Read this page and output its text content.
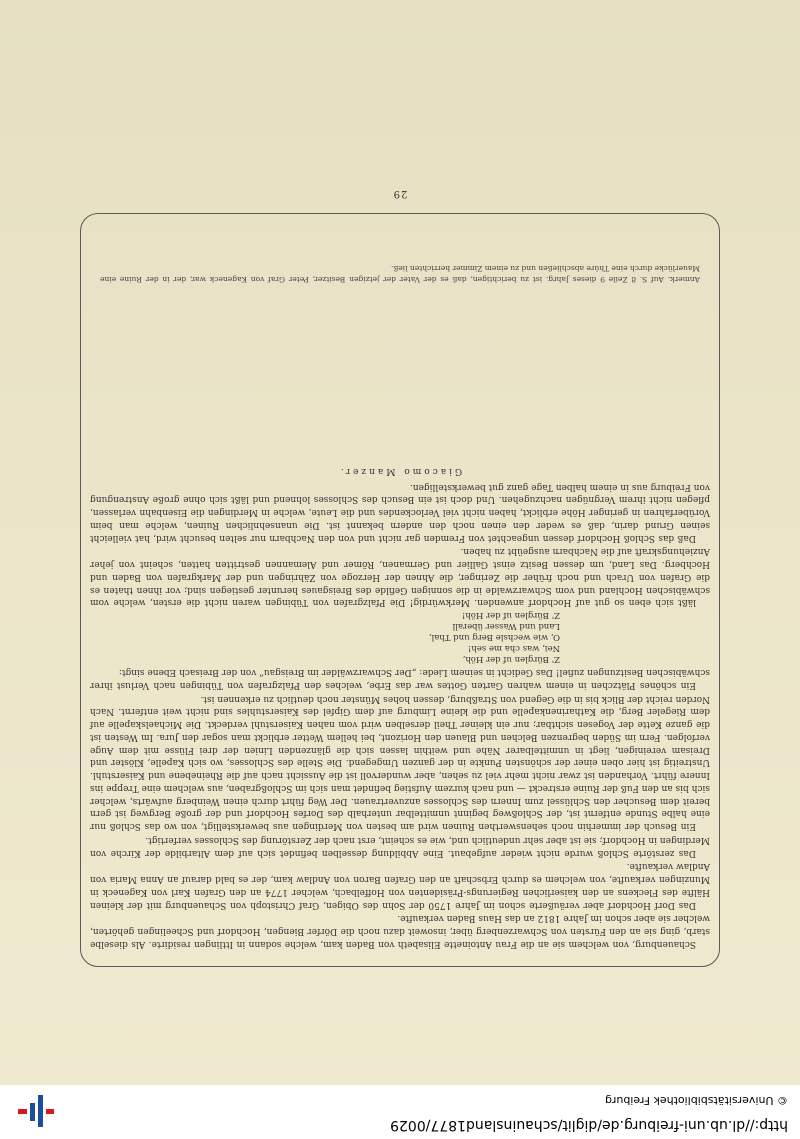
Schauenburg, von welchem sie an die Frau Antoinette Elisabeth von Baden kam, welche sodann in Ittlingen residirte. Als dieselbe starb, ging sie an den Fürsten von Schwarzenberg über, insoweit dazu noch die Dörfer Biengen, Hochdorf und Scheelingen gehörten, welcher sie aber schon im Jahre 1812 an das Haus Baden verkaufte.

Das Dorf Hochdorf aber veräußerte schon im Jahre 1750 der Sohn des Obigen, Graf Christoph von Schauenburg mit der kleinen Hälfte des Fleckens an den kaiserlichen Regierungs-Präsidenten von Hoffelbach, welcher 1774 an den Grafen Karl von Kageneck in Munzingen verkaufte, von welchem es durch Erbschaft an den Grafen Baron von Andlaw kam, der es bald darauf an Anna Maria von Andlaw verkaufte.

Das zerstörte Schloß wurde nicht wieder aufgebaut. Eine Abbildung desselben befindet sich auf dem Altarbilde der Kirche von Merdingen in Hochdorf; sie ist aber sehr undeutlich und, wie es scheint, erst nach der Zerstörung des Schlosses verfertigt.

Ein Besuch der immerhin noch sehenswerthen Ruinen wird am besten von Merdingen aus bewerkstelligt, von wo das Schloß nur eine halbe Stunde entfernt ist, der Schloßweg beginnt unmittelbar unterhalb des Dorfes Hochdorf und der große Bergweg ist gern bereit dem Besucher den Schlüssel zum Innern des Schlosses anzuvertrauen. Der Weg führt durch einen Weinberg aufwärts, welcher sich bis an den Fuß der Ruine erstreckt — und nach kurzem Aufstieg befindet man sich im Schloßgraben, aus welchem eine Treppe ins Innere führt. Vorhanden ist zwar nicht mehr viel zu sehen, aber wundervoll ist die Aussicht nach auf die Rheinebene und Kaiserstuhl. Unstreitig ist hier oben einer der schönsten Punkte in der ganzen Umgegend. Die Stelle des Schlosses, wo sich Kapelle, Klöster und Dreisam vereinigen, liegt in unmittelbarer Nähe und weithin lassen sich die glänzenden Linien der drei Flüsse mit dem Auge verfolgen. Fern im Süden begrenzen Belchen und Blauen den Horizont, bei hellem Wetter erblickt man sogar den Jura. Im Westen ist die ganze Kette der Vogesen sichtbar; nur ein kleiner Theil derselben wird vom nahen Kaiserstuhl verdeckt. Die Michaelskapelle auf dem Riegeler Berg, die Katharinenkapelle und die kleine Limburg auf dem Gipfel des Kaiserstuhles sind nicht weit entfernt. Nach Norden reicht der Blick bis in die Gegend von Straßburg, dessen hohes Münster noch deutlich zu erkennen ist.

Ein schönes Plätzchen in einem wahren Garten Gottes war das Erbe, welches den Pfalzgrafen von Tübingen nach Verlust ihrer schwäbischen Besitzungen zufiel! Das Gedicht in seinem Liede: „Der Schwarzwälder im Breisgau“ von der Breisach Ebene singt:

Z' Bürglen uf der Höh,
Nei, was cha me seh!
O, wie wechsle Berg und Thal,
Land und Wasser überall
Z' Bürglen uf der Höh!

läßt sich eben so gut auf Hochdorf anwenden. Merkwürdig! Die Pfalzgrafen von Tübingen waren nicht die ersten, welche vom schwäbischen Hochland und vom Schwarzwalde in die sonnigen Gefilde des Breisgaues herunter gestiegen sind; vor ihnen thaten es die Grafen von Urach und noch früher die Zeringer, die Ahnen der Herzoge von Zähringen und der Markgrafen von Baden und Hochberg. Das Land, um dessen Besitz einst Gallier und Germanen, Römer und Alemannen gestritten hatten, scheint von jeher Anziehungskraft auf die Nachbarn ausgeübt zu haben.

Daß das Schloß Hochdorf dessen ungeachtet von Fremden gar nicht und von den Nachbarn nur selten besucht wird, hat vielleicht seinen Grund darin, daß es weder den einen noch den andern bekannt ist. Die unansehnlichen Ruinen, welche man beim Vorüberfahren in geringer Höhe erblickt, haben nicht viel Verlockendes und die Leute, welche in Merdingen die Eisenbahn verlassen, pflegen nicht ihrem Vergnügen nachzugehen. Und doch ist ein Besuch des Schlosses lohnend und läßt sich ohne große Anstrengung von Freiburg aus in einem halben Tage ganz gut bewerkstelligen.

Giacomo Manzer.

Anmerk. Auf S. 8 Zeile 9 dieses Jahrg. ist zu berichtigen, daß es der Vater der jetzigen Besitzer, Peter Graf von Kageneck war, der in der Ruine eine Mauerlücke durch eine Thüre abschließen und zu einem Zimmer herrichten ließ.
29
http://dl.ub.uni-freiburg.de/diglit/schauinsland1877/0029
© Universitätsbibliothek Freiburg
